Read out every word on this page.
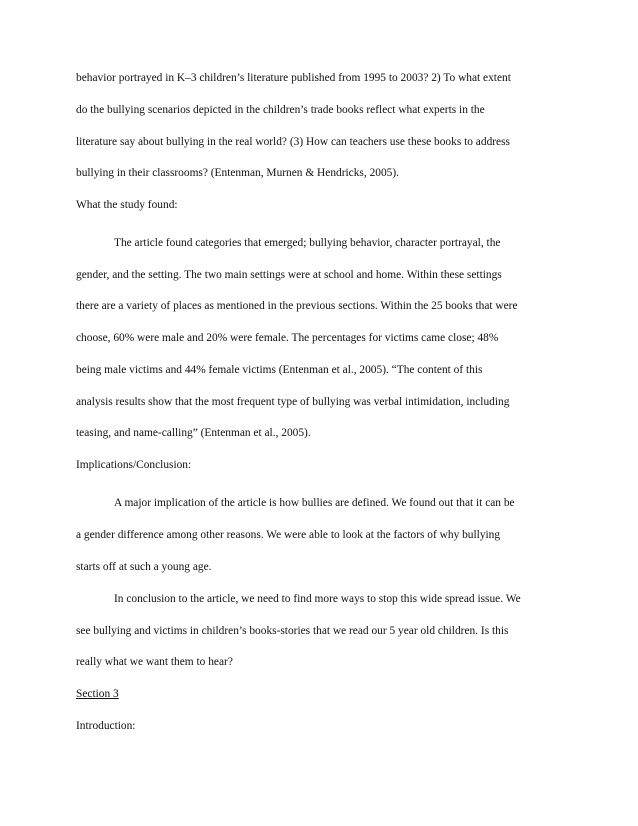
behavior portrayed in K–3 children’s literature published from 1995 to 2003? 2) To what extent
do the bullying scenarios depicted in the children’s trade books reflect what experts in the
literature say about bullying in the real world? (3) How can teachers use these books to address
bullying in their classrooms? (Entenman, Murnen & Hendricks, 2005).
What the study found:
The article found categories that emerged; bullying behavior, character portrayal, the
gender, and the setting. The two main settings were at school and home. Within these settings
there are a variety of places as mentioned in the previous sections. Within the 25 books that were
choose, 60% were male and 20% were female. The percentages for victims came close; 48%
being male victims and 44% female victims (Entenman et al., 2005). “The content of this
analysis results show that the most frequent type of bullying was verbal intimidation, including
teasing, and name-calling” (Entenman et al., 2005).
Implications/Conclusion:
A major implication of the article is how bullies are defined. We found out that it can be
a gender difference among other reasons. We were able to look at the factors of why bullying
starts off at such a young age.
In conclusion to the article, we need to find more ways to stop this wide spread issue. We
see bullying and victims in children’s books-stories that we read our 5 year old children. Is this
really what we want them to hear?
Section 3
Introduction:
